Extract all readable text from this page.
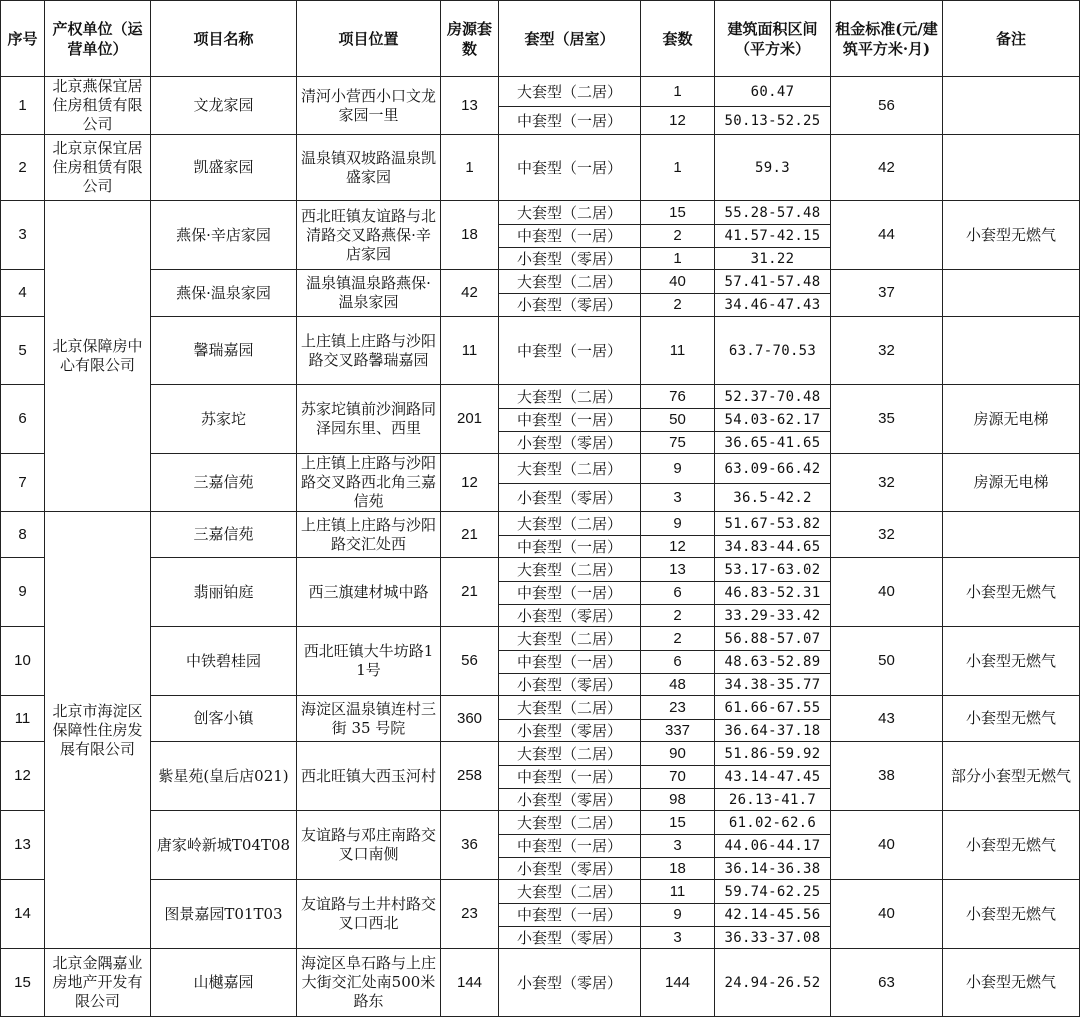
序号	产权单位（运营单位）	项目名称	项目位置	房源套数	套型（居室）	套数	建筑面积区间（平方米）	租金标准(元/建筑平方米·月)	备注
1	北京燕保宜居住房租赁有限公司	文龙家园	清河小营西小口文龙家园一里	13	大套型（二居）	1	60.47	56	
					中套型（一居）	12	50.13-52.25		
2	北京京保宜居住房租赁有限公司	凯盛家园	温泉镇双坡路温泉凯盛家园	1	中套型（一居）	1	59.3	42	
3	北京保障房中心有限公司	燕保·辛店家园	西北旺镇友谊路与北清路交叉路燕保·辛店家园	18	大套型（二居）	15	55.28-57.48	44	小套型无燃气
					中套型（一居）	2	41.57-42.15		
					小套型（零居）	1	31.22		
4		燕保·温泉家园	温泉镇温泉路燕保·温泉家园	42	大套型（二居）	40	57.41-57.48	37	
					小套型（零居）	2	34.46-47.43		
5		馨瑞嘉园	上庄镇上庄路与沙阳路交叉路馨瑞嘉园	11	中套型（一居）	11	63.7-70.53	32	
6		苏家坨	苏家坨镇前沙涧路同泽园东里、西里	201	大套型（二居）	76	52.37-70.48	35	房源无电梯
					中套型（一居）	50	54.03-62.17		
					小套型（零居）	75	36.65-41.65		
7		三嘉信苑	上庄镇上庄路与沙阳路交叉路西北角三嘉信苑	12	大套型（二居）	9	63.09-66.42	32	房源无电梯
					小套型（零居）	3	36.5-42.2		
8	北京市海淀区保障性住房发展有限公司	三嘉信苑	上庄镇上庄路与沙阳路交汇处西	21	大套型（二居）	9	51.67-53.82	32	
					中套型（一居）	12	34.83-44.65		
9		翡丽铂庭	西三旗建材城中路	21	大套型（二居）	13	53.17-63.02	40	小套型无燃气
					中套型（一居）	6	46.83-52.31		
					小套型（零居）	2	33.29-33.42		
10		中铁碧桂园	西北旺镇大牛坊路11号	56	大套型（二居）	2	56.88-57.07	50	小套型无燃气
					中套型（一居）	6	48.63-52.89		
					小套型（零居）	48	34.38-35.77		
11		创客小镇	海淀区温泉镇连村三街 35 号院	360	大套型（二居）	23	61.66-67.55	43	小套型无燃气
					小套型（零居）	337	36.64-37.18		
12		紫星苑(皇后店021)	西北旺镇大西玉河村	258	大套型（二居）	90	51.86-59.92	38	部分小套型无燃气
					中套型（一居）	70	43.14-47.45		
					小套型（零居）	98	26.13-41.7		
13		唐家岭新城T04T08	友谊路与邓庄南路交叉口南侧	36	大套型（二居）	15	61.02-62.6	40	小套型无燃气
					中套型（一居）	3	44.06-44.17		
					小套型（零居）	18	36.14-36.38		
14		图景嘉园T01T03	友谊路与土井村路交叉口西北	23	大套型（二居）	11	59.74-62.25	40	小套型无燃气
					中套型（一居）	9	42.14-45.56		
					小套型（零居）	3	36.33-37.08		
15	北京金隅嘉业房地产开发有限公司	山樾嘉园	海淀区阜石路与上庄大街交汇处南500米路东	144	小套型（零居）	144	24.94-26.52	63	小套型无燃气
